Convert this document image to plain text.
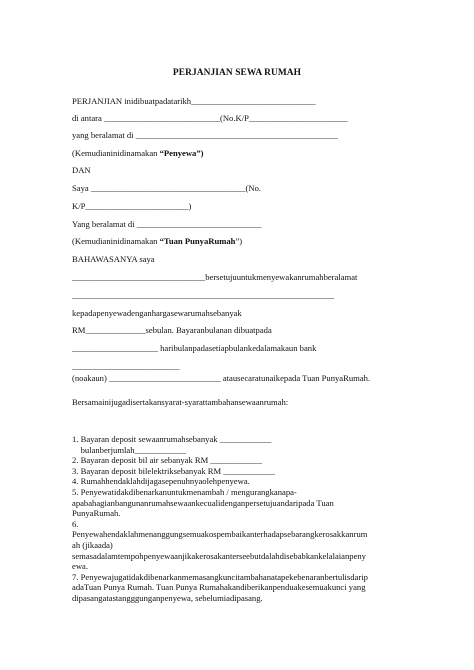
PERJANJIAN SEWA RUMAH
PERJANJIAN inidibuatpadatarikh_____________________________
di antara ___________________________(No.K/P_______________________
yang beralamat di _______________________________________________
(Kemudianinidinamakan “Penyewa”)
DAN
Saya ____________________________________(No.
K/P________________________)
Yang beralamat di _____________________________
(Kemudianinidinamakan “Tuan PunyaRumah”)
BAHAWASANYA saya
_______________________________bersetujuuntukmenyewakanrumahberalamat
_____________________________________________________________
kepadapenyewadenganhargasewarumahsebanyak
RM______________sebulan. Bayaranbulanan dibuatpada
____________________ haribulanpadasetiapbulankedalamakaun bank
_________________________
(noakaun) __________________________ atausecaratunaikepada Tuan PunyaRumah.
Bersamainijugadisertakansyarat-syarattambahansewaanrumah:
1. Bayaran deposit sewaanrumahsebanyak ____________
bulanberjumlah____________
2. Bayaran deposit bil air sebanyak RM ____________
3. Bayaran deposit bilelektriksebanyak RM ____________
4. Rumahhendaklahdijagasepenuhnyaolehpenyewa.
5. Penyewatidakdibenarkanuntukmenambah / mengurangkanapa-
apabahagianbangunanrumahsewaankecualidenganpersetujuandaripada Tuan
PunyaRumah.
6.
Penyewahendaklahmenanggungsemuakospembaikanterhadapsebarangkerosakkanrum
ah (jikaada)
semasadalamtempohpenyewaanjikakerosakanterseebutdalahdisebabkankelalaianpeny
ewa.
7. Penyewajugatidakdibenarkanmemasangkuncitambahanatapekebenaranbertulisdarip
adaTuan Punya Rumah. Tuan Punya Rumahakandiberikanpenduakesemuakunci yang
dipasangatastangggunganpenyewa, sebelumiadipasang.
